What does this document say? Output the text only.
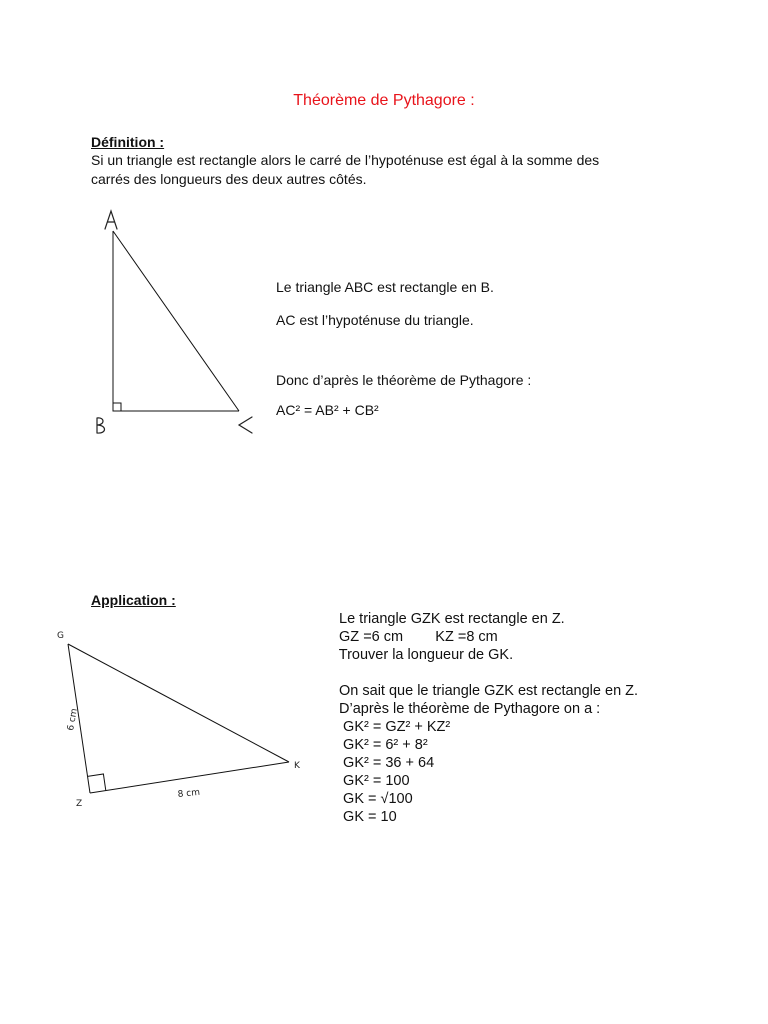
Théorème de Pythagore :
Définition :
Si un triangle est rectangle alors le carré de l’hypoténuse est égal à la somme des
carrés des longueurs des deux autres côtés.
Le triangle ABC est rectangle en B.
AC est l’hypoténuse du triangle.
Donc d’après le théorème de Pythagore :
AC² = AB² + CB²
Application :
G
Z
K
6 cm
8 cm
Le triangle GZK est rectangle en Z.
GZ =6 cm        KZ =8 cm
Trouver la longueur de GK.
On sait que le triangle GZK est rectangle en Z.
D’après le théorème de Pythagore on a :
GK² = GZ² + KZ²
GK² = 6² + 8²
GK² = 36 + 64
GK² = 100
GK = √100
GK = 10
